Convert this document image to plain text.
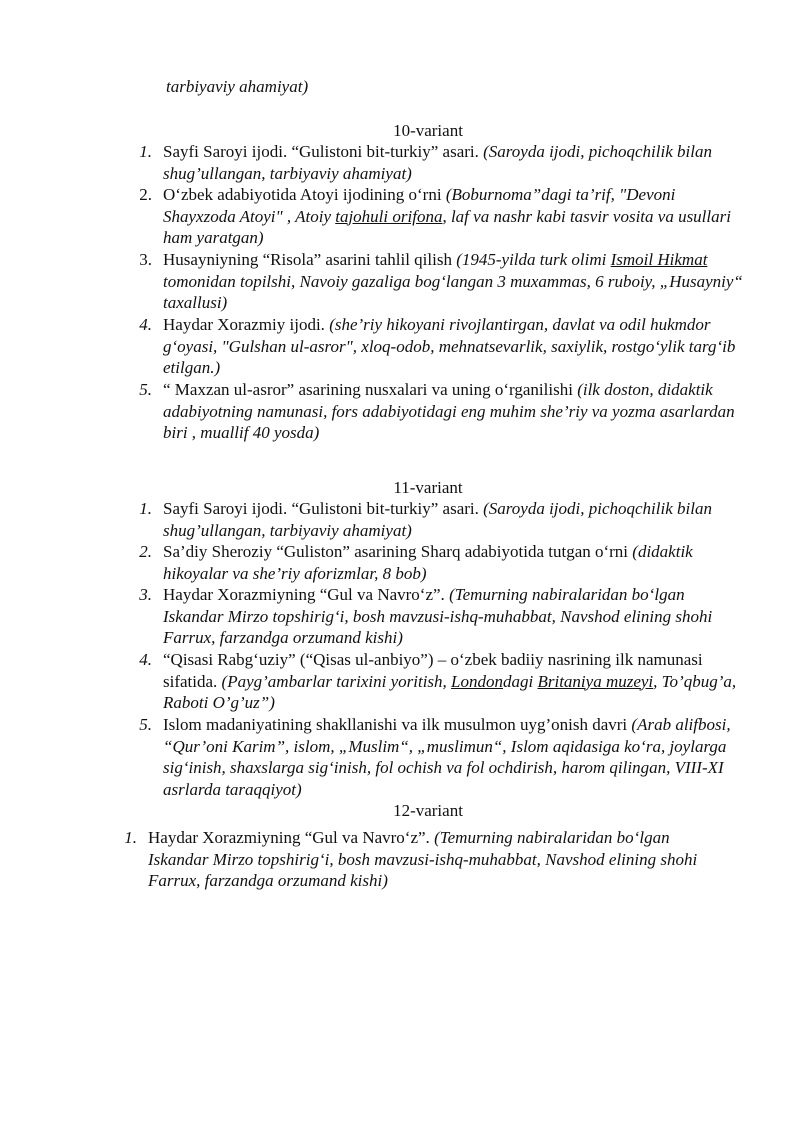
tarbiyaviy ahamiyat)
10-variant
1. Sayfi Saroyi ijodi. “Gulistoni bit-turkiy” asari. (Saroyda ijodi, pichoqchilik bilan shug’ullangan, tarbiyaviy ahamiyat)
2. O‘zbek adabiyotida Atoyi ijodining o‘rni (Boburnoma”dagi ta’rif, "Devoni Shayxzoda Atoyi" , Atoiy tajohuli orifona, laf va nashr kabi tasvir vosita va usullari ham yaratgan)
3. Husayniyning “Risola” asarini tahlil qilish (1945-yilda turk olimi Ismoil Hikmat tomonidan topilshi, Navoiy gazaliga bog‘langan 3 muxammas, 6 ruboiy, „Husayniy“ taxallusi)
4. Haydar Xorazmiy ijodi. (she’riy hikoyani rivojlantirgan, davlat va odil hukmdor g‘oyasi, "Gulshan ul-asror", xloq-odob, mehnatsevarlik, saxiylik, rostgo‘ylik targ‘ib etilgan.)
5. “ Maxzan ul-asror” asarining nusxalari va uning o‘rganilishi (ilk doston, didaktik adabiyotning namunasi, fors adabiyotidagi eng muhim she’riy va yozma asarlardan biri , muallif 40 yosda)
11-variant
1. Sayfi Saroyi ijodi. “Gulistoni bit-turkiy” asari. (Saroyda ijodi, pichoqchilik bilan shug’ullangan, tarbiyaviy ahamiyat)
2. Sa’diy Sheroziy “Guliston” asarining Sharq adabiyotida tutgan o‘rni (didaktik hikoyalar va she’riy aforizmlar, 8 bob)
3. Haydar Xorazmiyning “Gul va Navro‘z”. (Temurning nabiralaridan bo‘lgan Iskandar Mirzo topshirig‘i, bosh mavzusi-ishq-muhabbat, Navshod elining shohi Farrux, farzandga orzumand kishi)
4. “Qisasi Rabg‘uziy” (“Qisas ul-anbiyo”) – o‘zbek badiiy nasrining ilk namunasi sifatida. (Payg’ambarlar tarixini yoritish, Londondagi Britaniya muzeyi, To’qbug’a, Raboti O’g’uz”)
5. Islom madaniyatining shakllanishi va ilk musulmon uyg’onish davri (Arab alifbosi, “Qur’oni Karim”, islom, „Muslim“, „muslimun“, Islom aqidasiga ko‘ra, joylarga sig‘inish, shaxslarga sig‘inish, fol ochish va fol ochdirish, harom qilingan, VIII-XI asrlarda taraqqiyot)
12-variant
1. Haydar Xorazmiyning “Gul va Navro‘z”. (Temurning nabiralaridan bo‘lgan Iskandar Mirzo topshirig‘i, bosh mavzusi-ishq-muhabbat, Navshod elining shohi Farrux, farzandga orzumand kishi)
